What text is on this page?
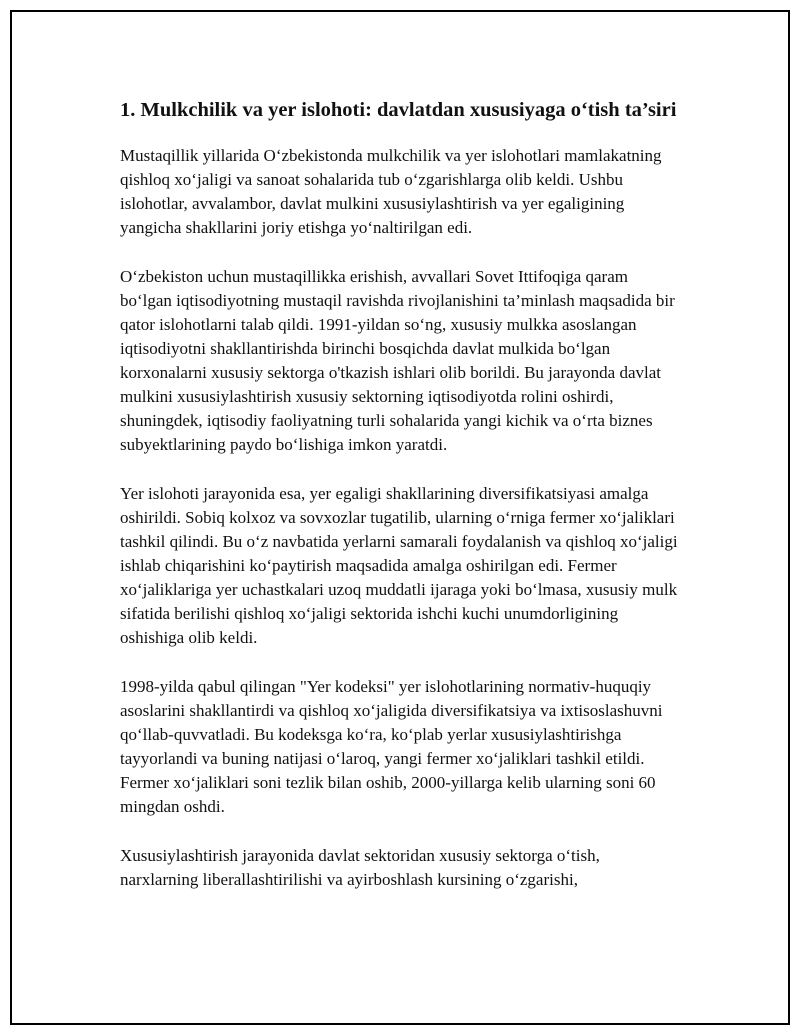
1. Mulkchilik va yer islohoti: davlatdan xususiyaga o‘tish ta’siri

Mustaqillik yillarida O‘zbekistonda mulkchilik va yer islohotlari mamlakatning qishloq xo‘jaligi va sanoat sohalarida tub o‘zgarishlarga olib keldi. Ushbu islohotlar, avvalambor, davlat mulkini xususiylashtirish va yer egaligining yangicha shakllarini joriy etishga yo‘naltirilgan edi.

O‘zbekiston uchun mustaqillikka erishish, avvallari Sovet Ittifoqiga qaram bo‘lgan iqtisodiyotning mustaqil ravishda rivojlanishini ta’minlash maqsadida bir qator islohotlarni talab qildi. 1991-yildan so‘ng, xususiy mulkka asoslangan iqtisodiyotni shakllantirishda birinchi bosqichda davlat mulkida bo‘lgan korxonalarni xususiy sektorga o'tkazish ishlari olib borildi. Bu jarayonda davlat mulkini xususiylashtirish xususiy sektorning iqtisodiyotda rolini oshirdi, shuningdek, iqtisodiy faoliyatning turli sohalarida yangi kichik va o‘rta biznes subyektlarining paydo bo‘lishiga imkon yaratdi.

Yer islohoti jarayonida esa, yer egaligi shakllarining diversifikatsiyasi amalga oshirildi. Sobiq kolxoz va sovxozlar tugatilib, ularning o‘rniga fermer xo‘jaliklari tashkil qilindi. Bu o‘z navbatida yerlarni samarali foydalanish va qishloq xo‘jaligi ishlab chiqarishini ko‘paytirish maqsadida amalga oshirilgan edi. Fermer xo‘jaliklariga yer uchastkalari uzoq muddatli ijaraga yoki bo‘lmasa, xususiy mulk sifatida berilishi qishloq xo‘jaligi sektorida ishchi kuchi unumdorligining oshishiga olib keldi.

1998-yilda qabul qilingan "Yer kodeksi" yer islohotlarining normativ-huquqiy asoslarini shakllantirdi va qishloq xo‘jaligida diversifikatsiya va ixtisoslashuvni qo‘llab-quvvatladi. Bu kodeksga ko‘ra, ko‘plab yerlar xususiylashtirishga tayyorlandi va buning natijasi o‘laroq, yangi fermer xo‘jaliklari tashkil etildi. Fermer xo‘jaliklari soni tezlik bilan oshib, 2000-yillarga kelib ularning soni 60 mingdan oshdi.

Xususiylashtirish jarayonida davlat sektoridan xususiy sektorga o‘tish, narxlarning liberallashtirilishi va ayirboshlash kursining o‘zgarishi,
